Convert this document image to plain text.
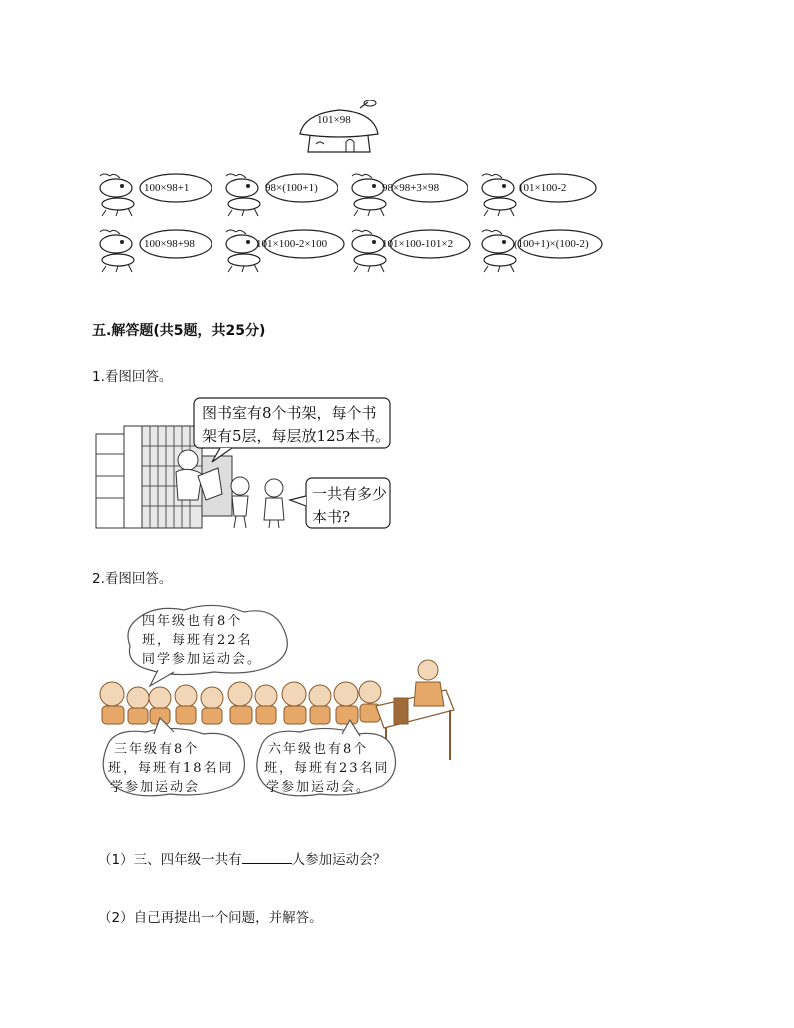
101×98
100×98+1	98×(100+1)	98×98+3×98	101×100-2
100×98+98	101×100-2×100	101×100-101×2	(100+1)×(100-2)
五.解答题(共5题，共25分)
1.看图回答。
图书室有8个书架，每个书
架有5层，每层放125本书。
一共有多少
本书?
2.看图回答。
四年级也有8个
班，每班有22名
同学参加运动会。
三年级有8个
班，每班有18名同
学参加运动会
六年级也有8个
班，每班有23名同
学参加运动会。
（1）三、四年级一共有	人参加运动会？
（2）自己再提出一个问题，并解答。
